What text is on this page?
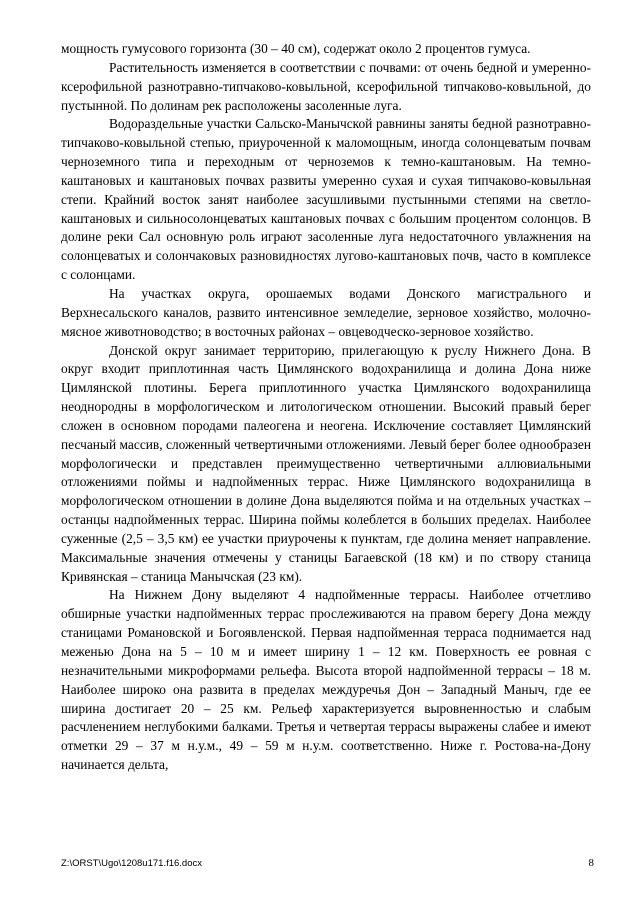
мощность гумусового горизонта (30 – 40 см), содержат около 2 процентов гумуса.

Растительность изменяется в соответствии с почвами: от очень бедной и умеренно-ксерофильной разнотравно-типчаково-ковыльной, ксерофильной типчаково-ковыльной, до пустынной. По долинам рек расположены засоленные луга.

Водораздельные участки Сальско-Манычской равнины заняты бедной разнотравно-типчаково-ковыльной степью, приуроченной к маломощным, иногда солонцеватым почвам черноземного типа и переходным от черноземов к темно-каштановым. На темно-каштановых и каштановых почвах развиты умеренно сухая и сухая типчаково-ковыльная степи. Крайний восток занят наиболее засушливыми пустынными степями на светло-каштановых и сильносолонцеватых каштановых почвах с большим процентом солонцов. В долине реки Сал основную роль играют засоленные луга недостаточного увлажнения на солонцеватых и солончаковых разновидностях лугово-каштановых почв, часто в комплексе с солонцами.

На участках округа, орошаемых водами Донского магистрального и Верхнесальского каналов, развито интенсивное земледелие, зерновое хозяйство, молочно-мясное животноводство; в восточных районах – овцеводческо-зерновое хозяйство.

Донской округ занимает территорию, прилегающую к руслу Нижнего Дона. В округ входит приплотинная часть Цимлянского водохранилища и долина Дона ниже Цимлянской плотины. Берега приплотинного участка Цимлянского водохранилища неоднородны в морфологическом и литологическом отношении. Высокий правый берег сложен в основном породами палеогена и неогена. Исключение составляет Цимлянский песчаный массив, сложенный четвертичными отложениями. Левый берег более однообразен морфологически и представлен преимущественно четвертичными аллювиальными отложениями поймы и надпойменных террас. Ниже Цимлянского водохранилища в морфологическом отношении в долине Дона выделяются пойма и на отдельных участках – останцы надпойменных террас. Ширина поймы колеблется в больших пределах. Наиболее суженные (2,5 – 3,5 км) ее участки приурочены к пунктам, где долина меняет направление. Максимальные значения отмечены у станицы Багаевской (18 км) и по створу станица Кривянская – станица Манычская (23 км).

На Нижнем Дону выделяют 4 надпойменные террасы. Наиболее отчетливо обширные участки надпойменных террас прослеживаются на правом берегу Дона между станицами Романовской и Богоявленской. Первая надпойменная терраса поднимается над меженью Дона на 5 – 10 м и имеет ширину 1 – 12 км. Поверхность ее ровная с незначительными микроформами рельефа. Высота второй надпойменной террасы – 18 м. Наиболее широко она развита в пределах междуречья Дон – Западный Маныч, где ее ширина достигает 20 – 25 км. Рельеф характеризуется выровненностью и слабым расчленением неглубокими балками. Третья и четвертая террасы выражены слабее и имеют отметки 29 – 37 м н.у.м., 49 – 59 м н.у.м. соответственно. Ниже г. Ростова-на-Дону начинается дельта,

Z:\ORST\Ugo\1208u171.f16.docx	8
